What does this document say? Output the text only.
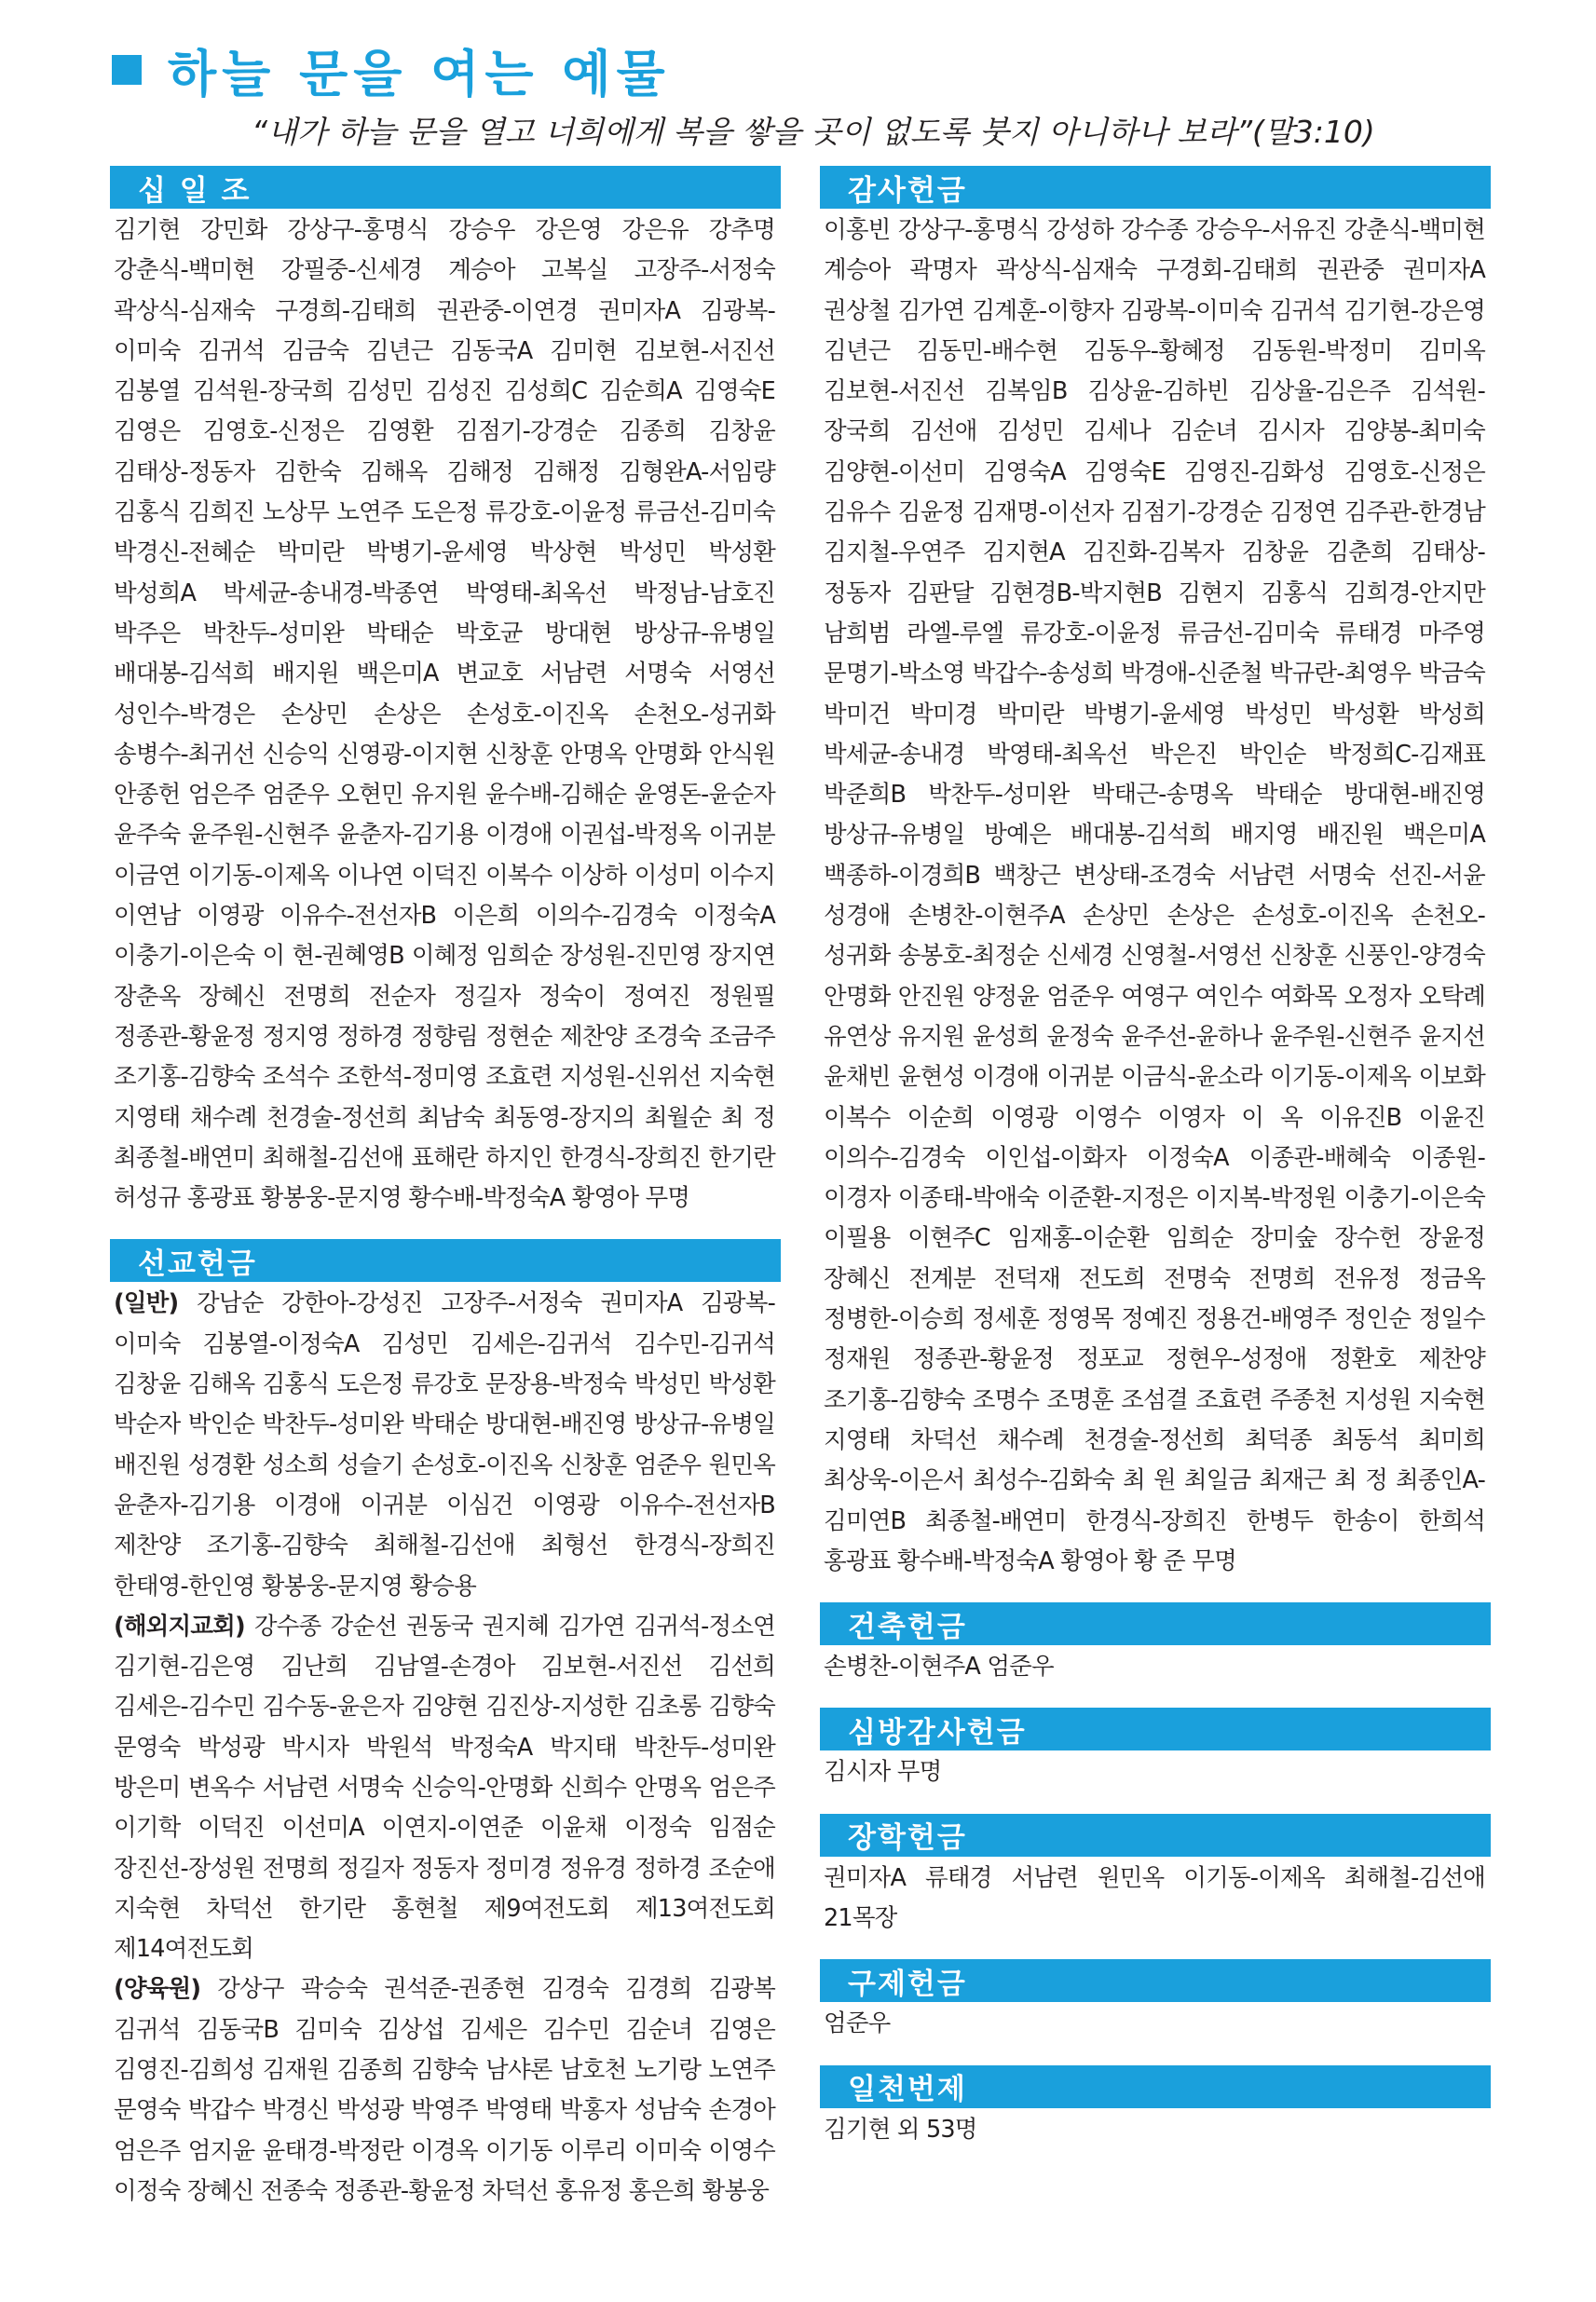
하늘 문을 여는 예물
“내가 하늘 문을 열고 너희에게 복을 쌓을 곳이 없도록 붓지 아니하나 보라”(말3:10)
십 일 조

김기현 강민화 강상구-홍명식 강승우 강은영 강은유 강추명 강춘식-백미현 강필중-신세경 계승아 고복실 고장주-서정숙 곽상식-심재숙 구경희-김태희 권관중-이연경 권미자A 김광복-이미숙 김귀석 김금숙 김년근 김동국A 김미현 김보현-서진선 김봉열 김석원-장국희 김성민 김성진 김성희C 김순희A 김영숙E 김영은 김영호-신정은 김영환 김점기-강경순 김종희 김창윤 김태상-정동자 김한숙 김해옥 김해정 김해정 김형완A-서임량 김홍식 김희진 노상무 노연주 도은정 류강호-이윤정 류금선-김미숙 박경신-전혜순 박미란 박병기-윤세영 박상현 박성민 박성환 박성희A 박세균-송내경-박종연 박영태-최옥선 박정남-남호진 박주은 박찬두-성미완 박태순 박호균 방대현 방상규-유병일 배대봉-김석희 배지원 백은미A 변교호 서남련 서명숙 서영선 성인수-박경은 손상민 손상은 손성호-이진옥 손천오-성귀화 송병수-최귀선 신승익 신영광-이지현 신창훈 안명옥 안명화 안식원 안종헌 엄은주 엄준우 오현민 유지원 윤수배-김해순 윤영돈-윤순자 윤주숙 윤주원-신현주 윤춘자-김기용 이경애 이권섭-박정옥 이귀분 이금연 이기동-이제옥 이나연 이덕진 이복수 이상하 이성미 이수지 이연남 이영광 이유수-전선자B 이은희 이의수-김경숙 이정숙A 이충기-이은숙 이 현-권혜영B 이혜정 임희순 장성원-진민영 장지연 장춘옥 장혜신 전명희 전순자 정길자 정숙이 정여진 정원필 정종관-황윤정 정지영 정하경 정향림 정현순 제찬양 조경숙 조금주 조기홍-김향숙 조석수 조한석-정미영 조효련 지성원-신위선 지숙현 지영태 채수례 천경술-정선희 최남숙 최동영-장지의 최월순 최 정 최종철-배연미 최해철-김선애 표해란 하지인 한경식-장희진 한기란 허성규 홍광표 황봉웅-문지영 황수배-박정숙A 황영아 무명

선교헌금

(일반) 강남순 강한아-강성진 고장주-서정숙 권미자A 김광복-이미숙 김봉열-이정숙A 김성민 김세은-김귀석 김수민-김귀석 김창윤 김해옥 김홍식 도은정 류강호 문장용-박정숙 박성민 박성환 박순자 박인순 박찬두-성미완 박태순 방대현-배진영 방상규-유병일 배진원 성경환 성소희 성슬기 손성호-이진옥 신창훈 엄준우 원민옥 윤춘자-김기용 이경애 이귀분 이심건 이영광 이유수-전선자B 제찬양 조기홍-김향숙 최해철-김선애 최형선 한경식-장희진 한태영-한인영 황봉웅-문지영 황승용

(해외지교회) 강수종 강순선 권동국 권지혜 김가연 김귀석-정소연 김기현-김은영 김난희 김남열-손경아 김보현-서진선 김선희 김세은-김수민 김수동-윤은자 김양현 김진상-지성한 김초롱 김향숙 문영숙 박성광 박시자 박원석 박정숙A 박지태 박찬두-성미완 방은미 변옥수 서남련 서명숙 신승익-안명화 신희수 안명옥 엄은주 이기학 이덕진 이선미A 이연지-이연준 이윤채 이정숙 임점순 장진선-장성원 전명희 정길자 정동자 정미경 정유경 정하경 조순애 지숙현 차덕선 한기란 홍현철 제9여전도회 제13여전도회 제14여전도회

(양육원) 강상구 곽승숙 권석준-권종현 김경숙 김경희 김광복 김귀석 김동국B 김미숙 김상섭 김세은 김수민 김순녀 김영은 김영진-김희성 김재원 김종희 김향숙 남샤론 남호천 노기랑 노연주 문영숙 박갑수 박경신 박성광 박영주 박영태 박홍자 성남숙 손경아 엄은주 엄지윤 윤태경-박정란 이경옥 이기동 이루리 이미숙 이영수 이정숙 장혜신 전종숙 정종관-황윤정 차덕선 홍유정 홍은희 황봉웅

감사헌금

이홍빈 강상구-홍명식 강성하 강수종 강승우-서유진 강춘식-백미현 계승아 곽명자 곽상식-심재숙 구경회-김태희 권관중 권미자A 권상철 김가연 김계훈-이향자 김광복-이미숙 김귀석 김기현-강은영 김년근 김동민-배수현 김동우-황혜정 김동원-박정미 김미옥 김보현-서진선 김복임B 김상윤-김하빈 김상율-김은주 김석원-장국희 김선애 김성민 김세나 김순녀 김시자 김양봉-최미숙 김양현-이선미 김영숙A 김영숙E 김영진-김화성 김영호-신정은 김유수 김윤정 김재명-이선자 김점기-강경순 김정연 김주관-한경남 김지철-우연주 김지현A 김진화-김복자 김창윤 김춘희 김태상-정동자 김판달 김현경B-박지현B 김현지 김홍식 김희경-안지만 남희범 라엘-루엘 류강호-이윤정 류금선-김미숙 류태경 마주영 문명기-박소영 박갑수-송성희 박경애-신준철 박규란-최영우 박금숙 박미건 박미경 박미란 박병기-윤세영 박성민 박성환 박성희 박세균-송내경 박영태-최옥선 박은진 박인순 박정희C-김재표 박준희B 박찬두-성미완 박태근-송명옥 박태순 방대현-배진영 방상규-유병일 방예은 배대봉-김석희 배지영 배진원 백은미A 백종하-이경희B 백창근 변상태-조경숙 서남련 서명숙 선진-서윤 성경애 손병찬-이현주A 손상민 손상은 손성호-이진옥 손천오-성귀화 송봉호-최정순 신세경 신영철-서영선 신창훈 신풍인-양경숙 안명화 안진원 양정윤 엄준우 여영구 여인수 여화목 오정자 오탁례 유연상 유지원 윤성희 윤정숙 윤주선-윤하나 윤주원-신현주 윤지선 윤채빈 윤현성 이경애 이귀분 이금식-윤소라 이기동-이제옥 이보화 이복수 이순희 이영광 이영수 이영자 이 옥 이유진B 이윤진 이의수-김경숙 이인섭-이화자 이정숙A 이종관-배혜숙 이종원-이경자 이종태-박애숙 이준환-지정은 이지복-박정원 이충기-이은숙 이필용 이현주C 임재홍-이순환 임희순 장미숲 장수헌 장윤정 장혜신 전계분 전덕재 전도희 전명숙 전명희 전유정 정금옥 정병한-이승희 정세훈 정영목 정예진 정용건-배영주 정인순 정일수 정재원 정종관-황윤정 정포교 정현우-성정애 정환호 제찬양 조기홍-김향숙 조명수 조명훈 조섬결 조효련 주종천 지성원 지숙현 지영태 차덕선 채수례 천경술-정선희 최덕종 최동석 최미희 최상욱-이은서 최성수-김화숙 최 원 최일금 최재근 최 정 최종인A-김미연B 최종철-배연미 한경식-장희진 한병두 한송이 한희석 홍광표 황수배-박정숙A 황영아 황 준 무명

건축헌금

손병찬-이현주A 엄준우

심방감사헌금

김시자 무명

장학헌금

권미자A 류태경 서남련 원민옥 이기동-이제옥 최해철-김선애 21목장

구제헌금

엄준우

일천번제

김기현 외 53명
